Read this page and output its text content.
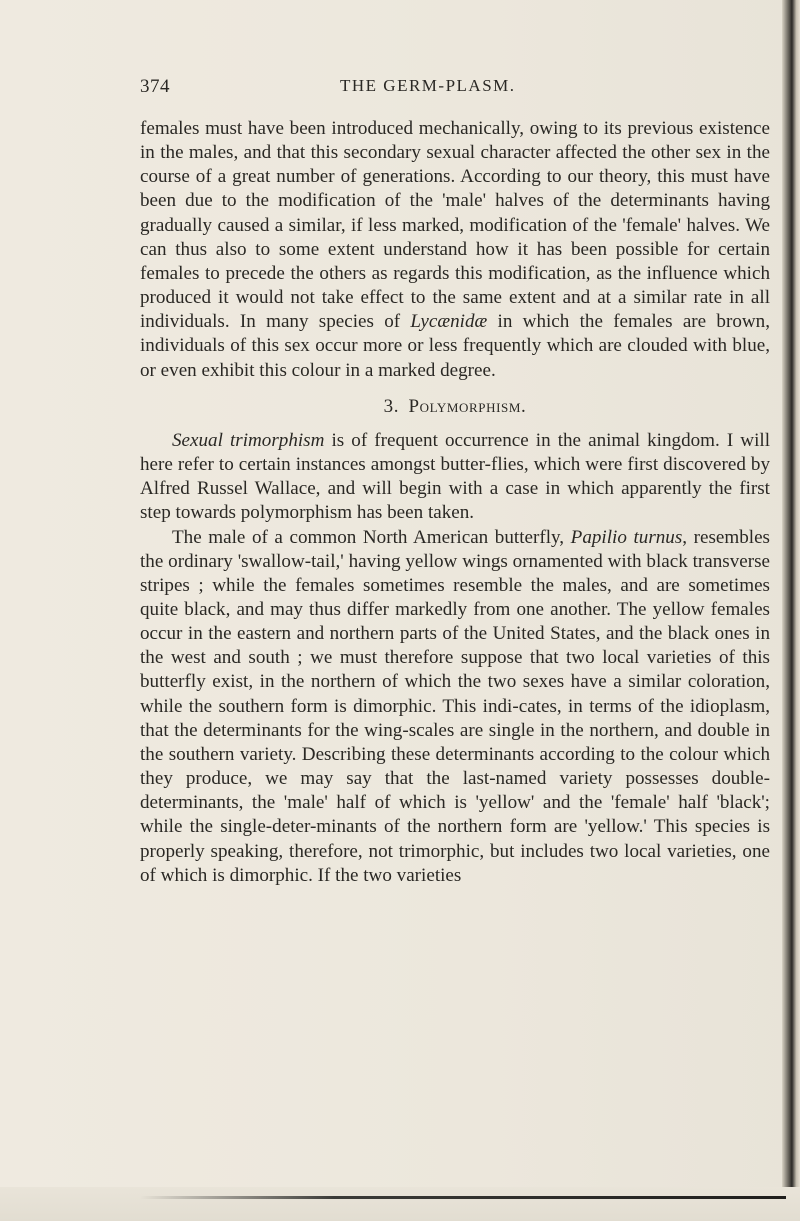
374	THE GERM-PLASM.

females must have been introduced mechanically, owing to its previous existence in the males, and that this secondary sexual character affected the other sex in the course of a great number of generations. According to our theory, this must have been due to the modification of the 'male' halves of the determinants having gradually caused a similar, if less marked, modification of the 'female' halves. We can thus also to some extent understand how it has been possible for certain females to precede the others as regards this modification, as the influence which produced it would not take effect to the same extent and at a similar rate in all individuals. In many species of Lycænidæ in which the females are brown, individuals of this sex occur more or less frequently which are clouded with blue, or even exhibit this colour in a marked degree.

3. Polymorphism.

Sexual trimorphism is of frequent occurrence in the animal kingdom. I will here refer to certain instances amongst butter-flies, which were first discovered by Alfred Russel Wallace, and will begin with a case in which apparently the first step towards polymorphism has been taken.

The male of a common North American butterfly, Papilio turnus, resembles the ordinary 'swallow-tail,' having yellow wings ornamented with black transverse stripes ; while the females sometimes resemble the males, and are sometimes quite black, and may thus differ markedly from one another. The yellow females occur in the eastern and northern parts of the United States, and the black ones in the west and south ; we must therefore suppose that two local varieties of this butterfly exist, in the northern of which the two sexes have a similar coloration, while the southern form is dimorphic. This indi-cates, in terms of the idioplasm, that the determinants for the wing-scales are single in the northern, and double in the southern variety. Describing these determinants according to the colour which they produce, we may say that the last-named variety possesses double-determinants, the 'male' half of which is 'yellow' and the 'female' half 'black'; while the single-deter-minants of the northern form are 'yellow.' This species is properly speaking, therefore, not trimorphic, but includes two local varieties, one of which is dimorphic. If the two varieties
